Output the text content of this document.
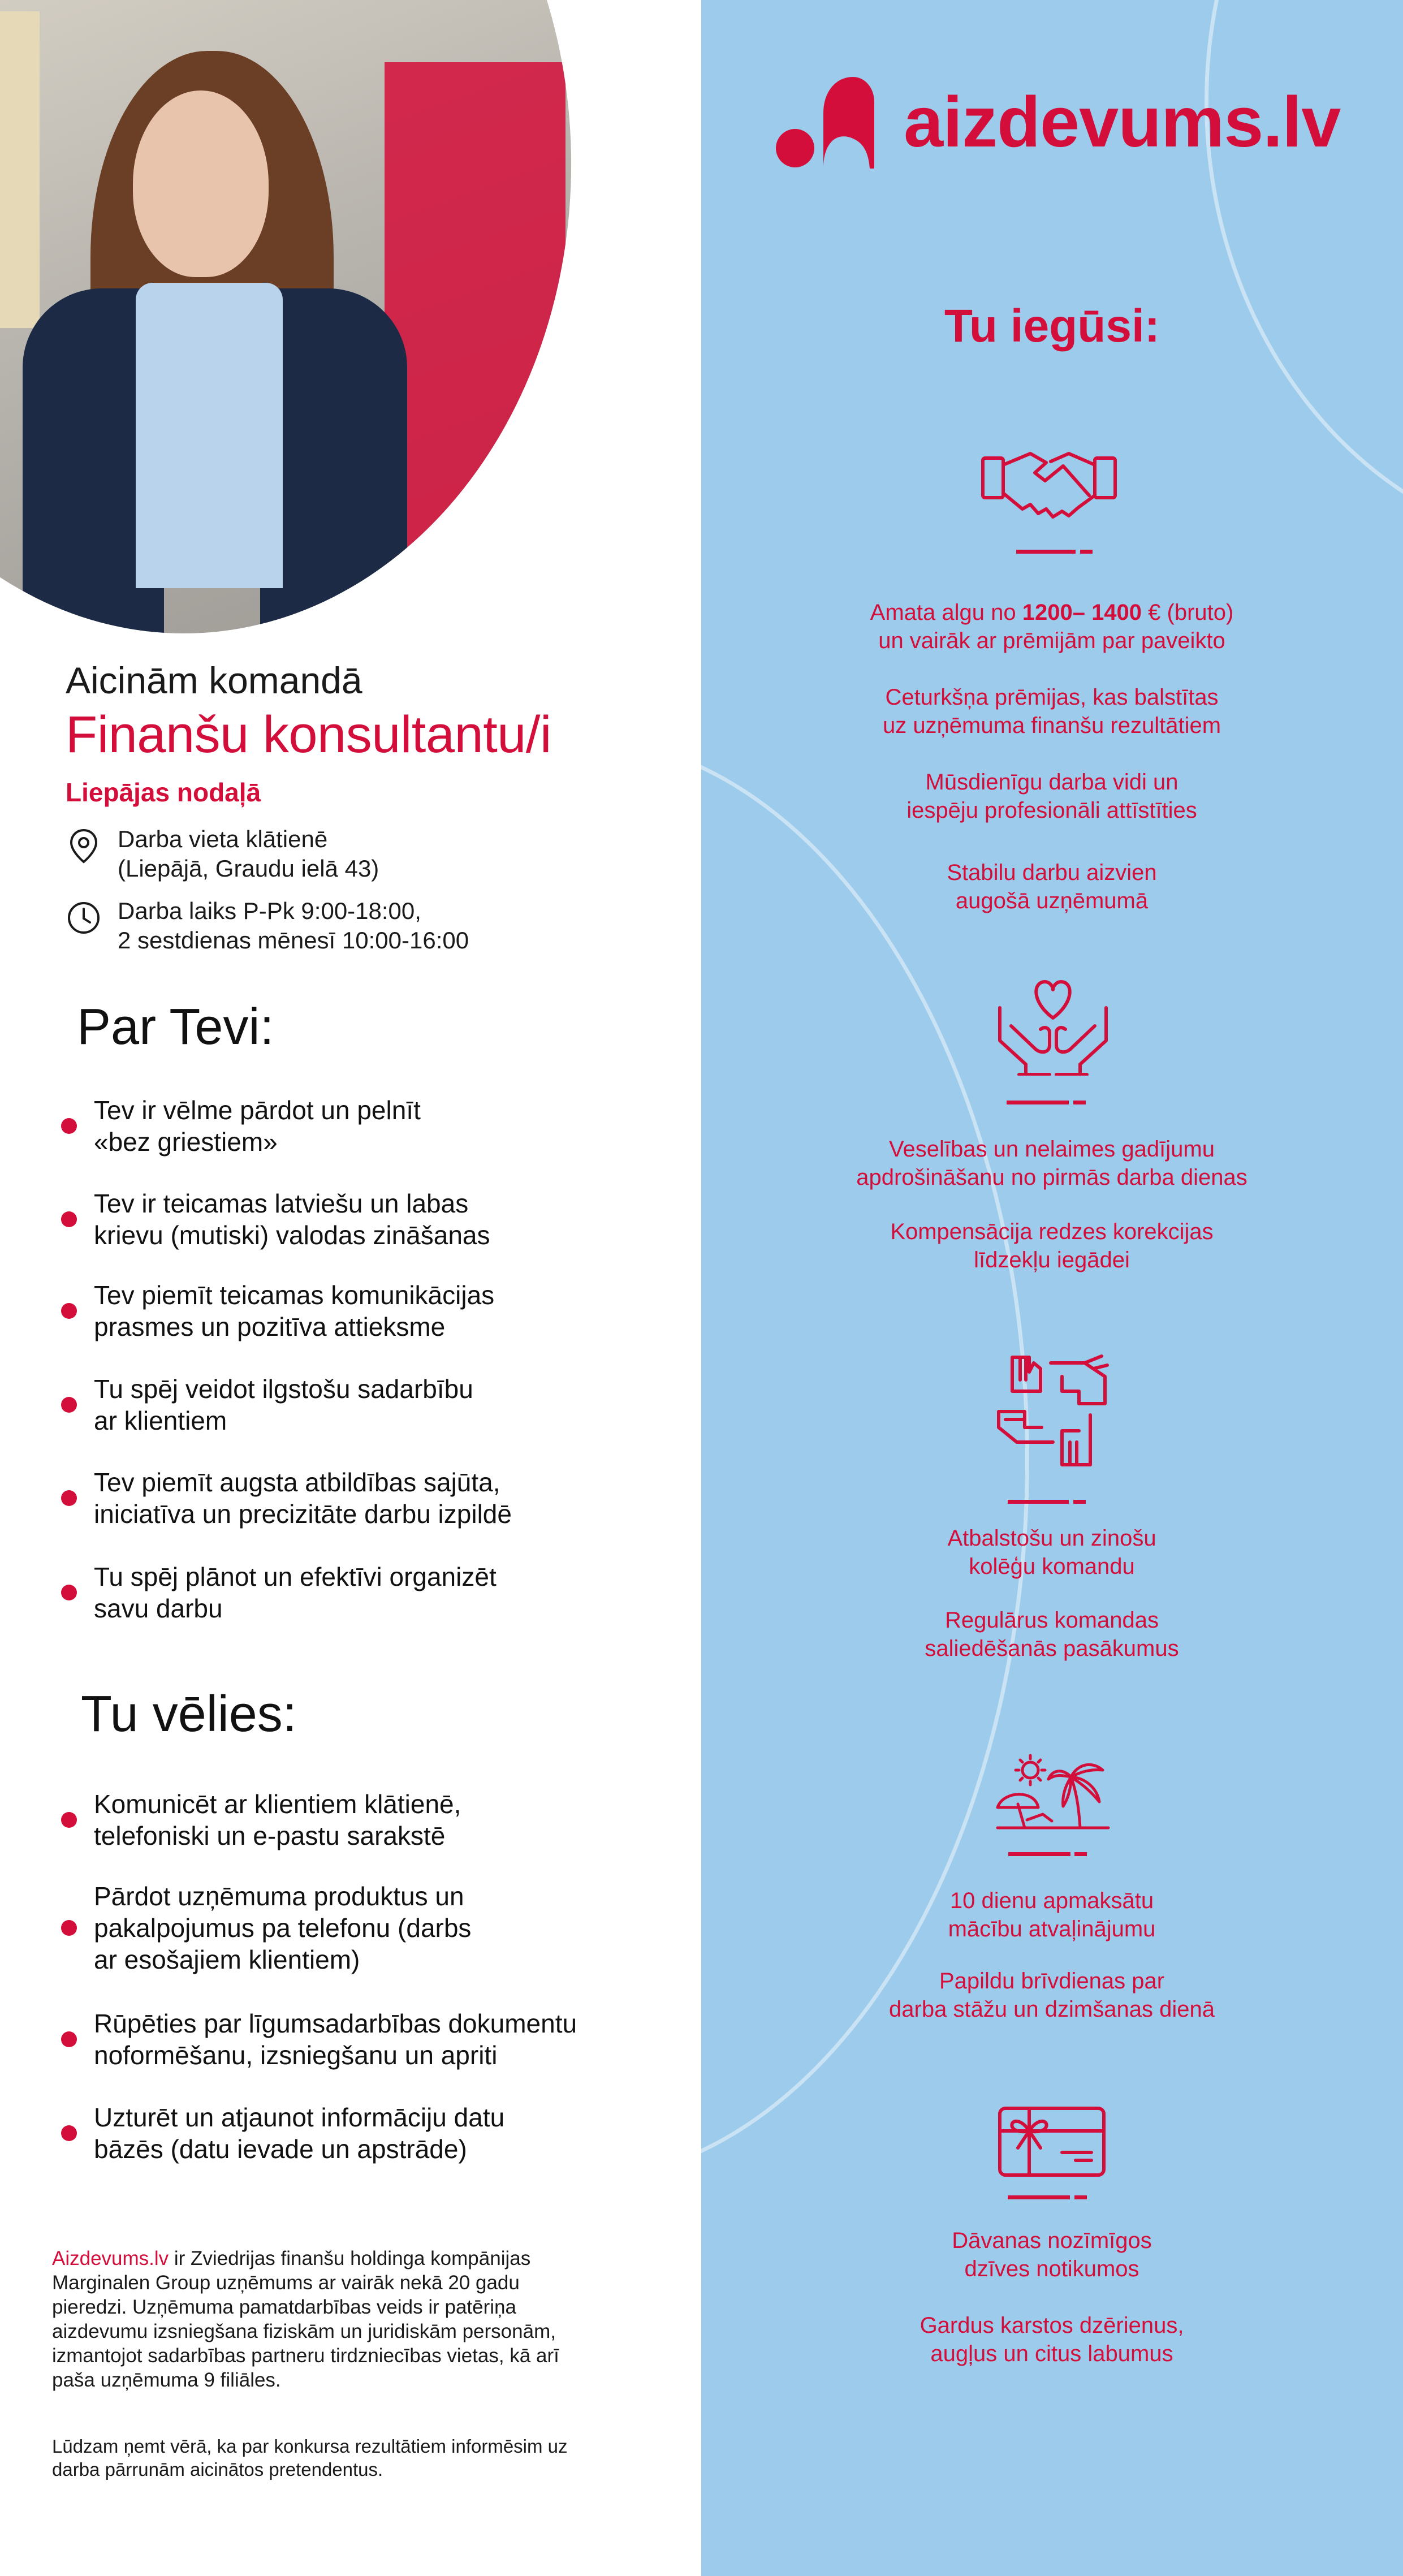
Aicinām komandā
Finanšu konsultantu/i
Liepājas nodaļā
Darba vieta klātienē
(Liepājā, Graudu ielā 43)
Darba laiks P-Pk 9:00-18:00,
2 sestdienas mēnesī 10:00-16:00
Par Tevi:
Tev ir vēlme pārdot un pelnīt
«bez griestiem»
Tev ir teicamas latviešu un labas
krievu (mutiski) valodas zināšanas
Tev piemīt teicamas komunikācijas
prasmes un pozitīva attieksme
Tu spēj veidot ilgstošu sadarbību
ar klientiem
Tev piemīt augsta atbildības sajūta,
iniciatīva un precizitāte darbu izpildē
Tu spēj plānot un efektīvi organizēt
savu darbu
Tu vēlies:
Komunicēt ar klientiem klātienē,
telefoniski un e-pastu sarakstē
Pārdot uzņēmuma produktus un
pakalpojumus pa telefonu (darbs
ar esošajiem klientiem)
Rūpēties par līgumsadarbības dokumentu
noformēšanu, izsniegšanu un apriti
Uzturēt un atjaunot informāciju datu
bāzēs (datu ievade un apstrāde)
Aizdevums.lv ir Zviedrijas finanšu holdinga kompānijas Marginalen Group uzņēmums ar vairāk nekā 20 gadu pieredzi. Uzņēmuma pamatdarbības veids ir patēriņa aizdevumu izsniegšana fiziskām un juridiskām personām, izmantojot sadarbības partneru tirdzniecības vietas, kā arī paša uzņēmuma 9 filiāles.
Lūdzam ņemt vērā, ka par konkursa rezultātiem informēsim uz darba pārrunām aicinātos pretendentus.
aizdevums.lv
Tu iegūsi:
Amata algu no 1200– 1400 € (bruto)
un vairāk ar prēmijām par paveikto
Ceturkšņa prēmijas, kas balstītas
uz uzņēmuma finanšu rezultātiem
Mūsdienīgu darba vidi un
iespēju profesionāli attīstīties
Stabilu darbu aizvien
augošā uzņēmumā
Veselības un nelaimes gadījumu
apdrošināšanu no pirmās darba dienas
Kompensācija redzes korekcijas
līdzekļu iegādei
Atbalstošu un zinošu
kolēģu komandu
Regulārus komandas
saliedēšanās pasākumus
10 dienu apmaksātu
mācību atvaļinājumu
Papildu brīvdienas par
darba stāžu un dzimšanas dienā
Dāvanas nozīmīgos
dzīves notikumos
Gardus karstos dzērienus,
augļus un citus labumus
